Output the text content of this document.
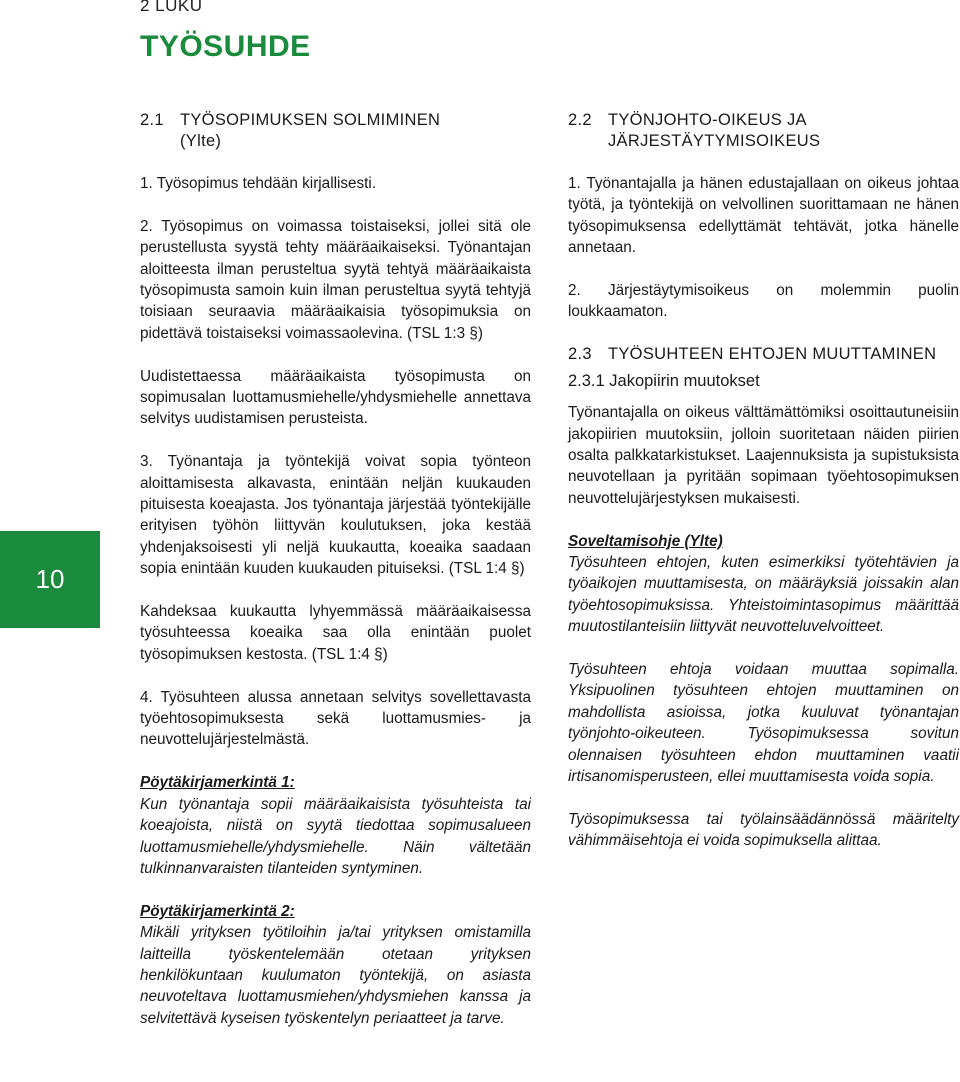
2 LUKU
TYÖSUHDE
10
2.1 TYÖSOPIMUKSEN SOLMIMINEN
(Ylte)

1. Työsopimus tehdään kirjallisesti.

2. Työsopimus on voimassa toistaiseksi, jollei sitä ole perustellusta syystä tehty määräaikaiseksi. Työnantajan aloitteesta ilman perusteltua syytä tehtyä määräaikaista työsopimusta samoin kuin ilman perusteltua syytä tehtyjä toisiaan seuraavia määräaikaisia työsopimuksia on pidettävä toistaiseksi voimassaolevina. (TSL 1:3 §)

Uudistettaessa määräaikaista työsopimusta on sopimusalan luottamusmiehelle/yhdysmiehelle annettava selvitys uudistamisen perusteista.

3. Työnantaja ja työntekijä voivat sopia työnteon aloittamisesta alkavasta, enintään neljän kuukauden pituisesta koeajasta. Jos työnantaja järjestää työntekijälle erityisen työhön liittyvän koulutuksen, joka kestää yhdenjaksoisesti yli neljä kuukautta, koeaika saadaan sopia enintään kuuden kuukauden pituiseksi. (TSL 1:4 §)

Kahdeksaa kuukautta lyhyemmässä määräaikaisessa työsuhteessa koeaika saa olla enintään puolet työsopimuksen kestosta. (TSL 1:4 §)

4. Työsuhteen alussa annetaan selvitys sovellettavasta työehtosopimuksesta sekä luottamusmies- ja neuvottelujärjestelmästä.

Pöytäkirjamerkintä 1:
Kun työnantaja sopii määräaikaisista työsuhteista tai koeajoista, niistä on syytä tiedottaa sopimusalueen luottamusmiehelle/yhdysmiehelle. Näin vältetään tulkinnanvaraisten tilanteiden syntyminen.

Pöytäkirjamerkintä 2:
Mikäli yrityksen työtiloihin ja/tai yrityksen omistamilla laitteilla työskentelemään otetaan yrityksen henkilökuntaan kuulumaton työntekijä, on asiasta neuvoteltava luottamusmiehen/yhdysmiehen kanssa ja selvitettävä kyseisen työskentelyn periaatteet ja tarve.

2.2 TYÖNJOHTO-OIKEUS JA JÄRJESTÄYTYMISOIKEUS

1. Työnantajalla ja hänen edustajallaan on oikeus johtaa työtä, ja työntekijä on velvollinen suorittamaan ne hänen työsopimuksensa edellyttämät tehtävät, jotka hänelle annetaan.

2. Järjestäytymisoikeus on molemmin puolin loukkaamaton.

2.3 TYÖSUHTEEN EHTOJEN MUUTTAMINEN
2.3.1 Jakopiirin muutokset

Työnantajalla on oikeus välttämättömiksi osoittautuneisiin jakopiirien muutoksiin, jolloin suoritetaan näiden piirien osalta palkkatarkistukset. Laajennuksista ja supistuksista neuvotellaan ja pyritään sopimaan työehtosopimuksen neuvottelujärjestyksen mukaisesti.

Soveltamisohje (Ylte)
Työsuhteen ehtojen, kuten esimerkiksi työtehtävien ja työaikojen muuttamisesta, on määräyksiä joissakin alan työehtosopimuksissa. Yhteistoimintasopimus määrittää muutostilanteisiin liittyvät neuvotteluvelvoitteet.

Työsuhteen ehtoja voidaan muuttaa sopimalla. Yksipuolinen työsuhteen ehtojen muuttaminen on mahdollista asioissa, jotka kuuluvat työnantajan työnjohto-oikeuteen. Työsopimuksessa sovitun olennaisen työsuhteen ehdon muuttaminen vaatii irtisanomisperusteen, ellei muuttamisesta voida sopia.

Työsopimuksessa tai työlainsäädännössä määritelty vähimmäisehtoja ei voida sopimuksella alittaa.
